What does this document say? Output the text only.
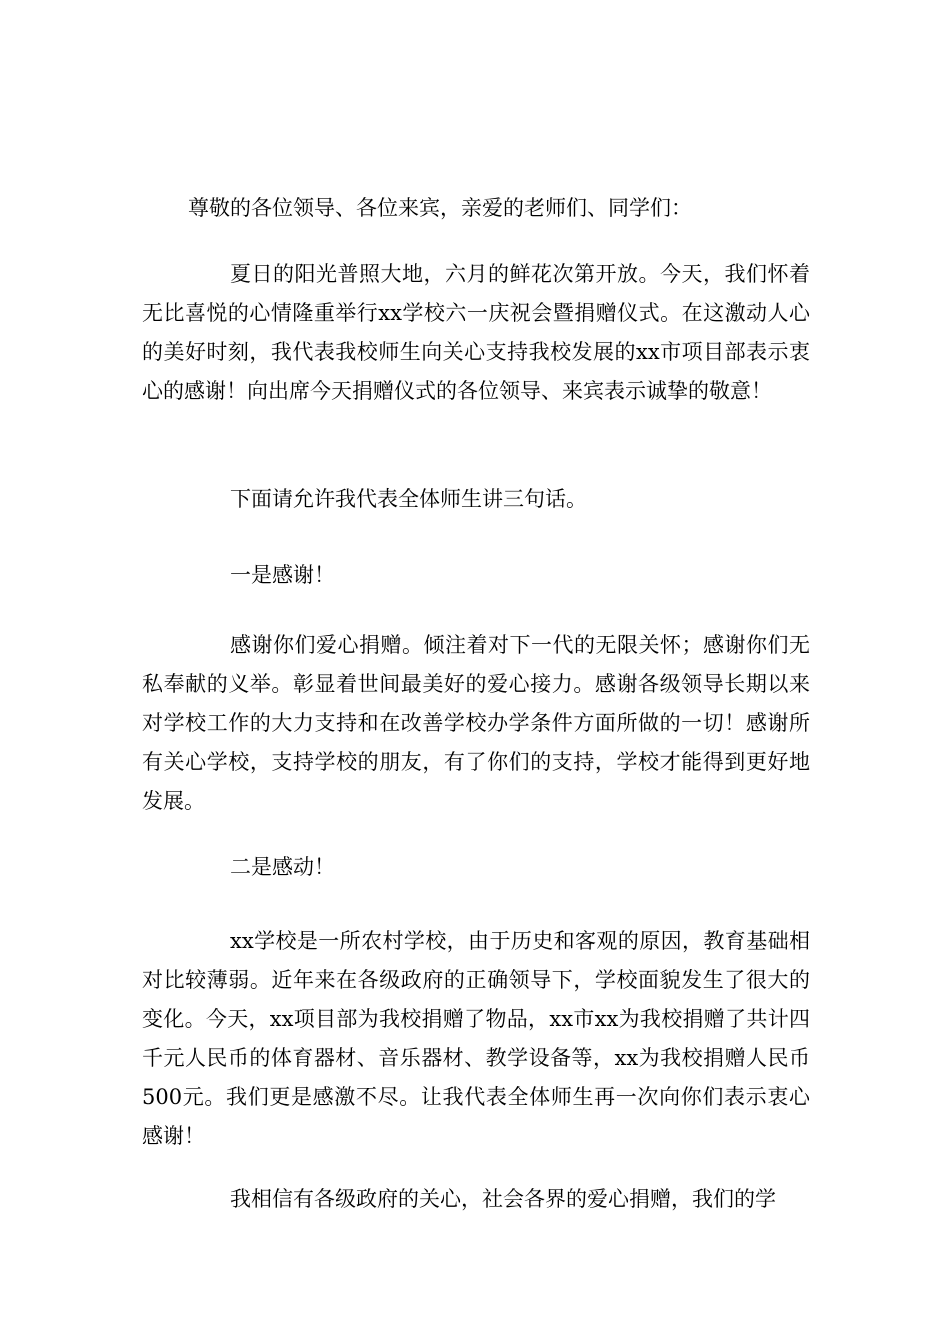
尊敬的各位领导、各位来宾，亲爱的老师们、同学们：

夏日的阳光普照大地，六月的鲜花次第开放。今天，我们怀着无比喜悦的心情隆重举行xx学校六一庆祝会暨捐赠仪式。在这激动人心的美好时刻，我代表我校师生向关心支持我校发展的xx市项目部表示衷心的感谢！向出席今天捐赠仪式的各位领导、来宾表示诚挚的敬意！

下面请允许我代表全体师生讲三句话。

一是感谢！

感谢你们爱心捐赠。倾注着对下一代的无限关怀；感谢你们无私奉献的义举。彰显着世间最美好的爱心接力。感谢各级领导长期以来对学校工作的大力支持和在改善学校办学条件方面所做的一切！感谢所有关心学校，支持学校的朋友，有了你们的支持，学校才能得到更好地发展。

二是感动！

xx学校是一所农村学校，由于历史和客观的原因，教育基础相对比较薄弱。近年来在各级政府的正确领导下，学校面貌发生了很大的变化。今天，xx项目部为我校捐赠了物品，xx市xx为我校捐赠了共计四千元人民币的体育器材、音乐器材、教学设备等，xx为我校捐赠人民币500元。我们更是感激不尽。让我代表全体师生再一次向你们表示衷心感谢！

我相信有各级政府的关心，社会各界的爱心捐赠，我们的学
